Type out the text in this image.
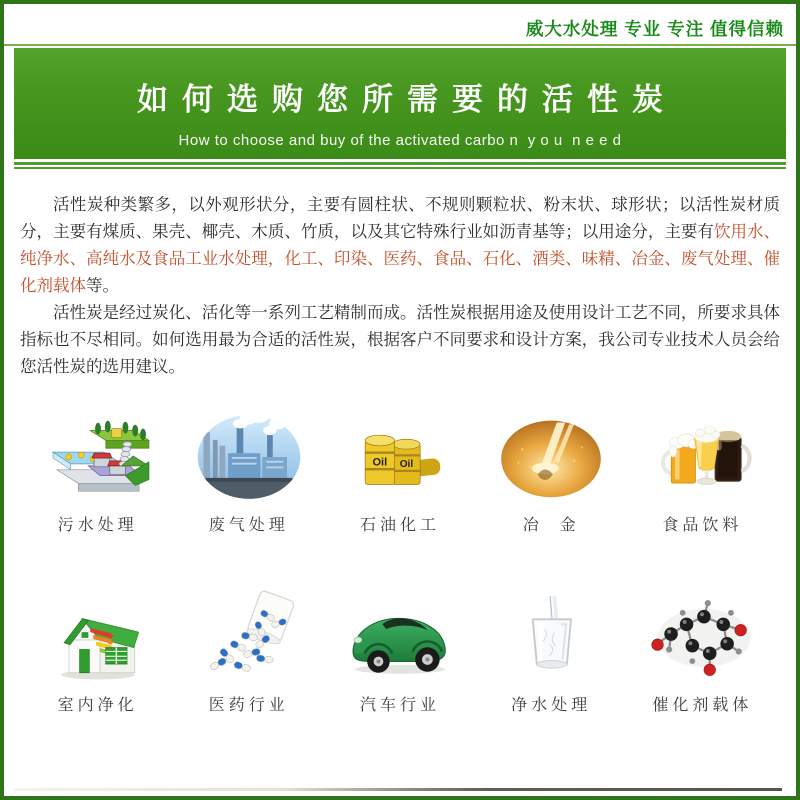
威大水处理 专业 专注 值得信赖
如何选购您所需要的活性炭
How to choose and buy of the activated carbo n  y o u  n e e d

活性炭种类繁多，以外观形状分，主要有圆柱状、不规则颗粒状、粉末状、球形状；以活性炭材质分，主要有煤质、果壳、椰壳、木质、竹质，以及其它特殊行业如沥青基等；以用途分，主要有饮用水、纯净水、高纯水及食品工业水处理，化工、印染、医药、食品、石化、酒类、味精、冶金、废气处理、催化剂载体等。

活性炭是经过炭化、活化等一系列工艺精制而成。活性炭根据用途及使用设计工艺不同，所要求具体指标也不尽相同。如何选用最为合适的活性炭，根据客户不同要求和设计方案，我公司专业技术人员会给您活性炭的选用建议。

污水处理	废气处理
Oil
Oil
石油化工	冶  金	食品饮料
室内净化	医药行业	汽车行业	净水处理	催化剂载体
